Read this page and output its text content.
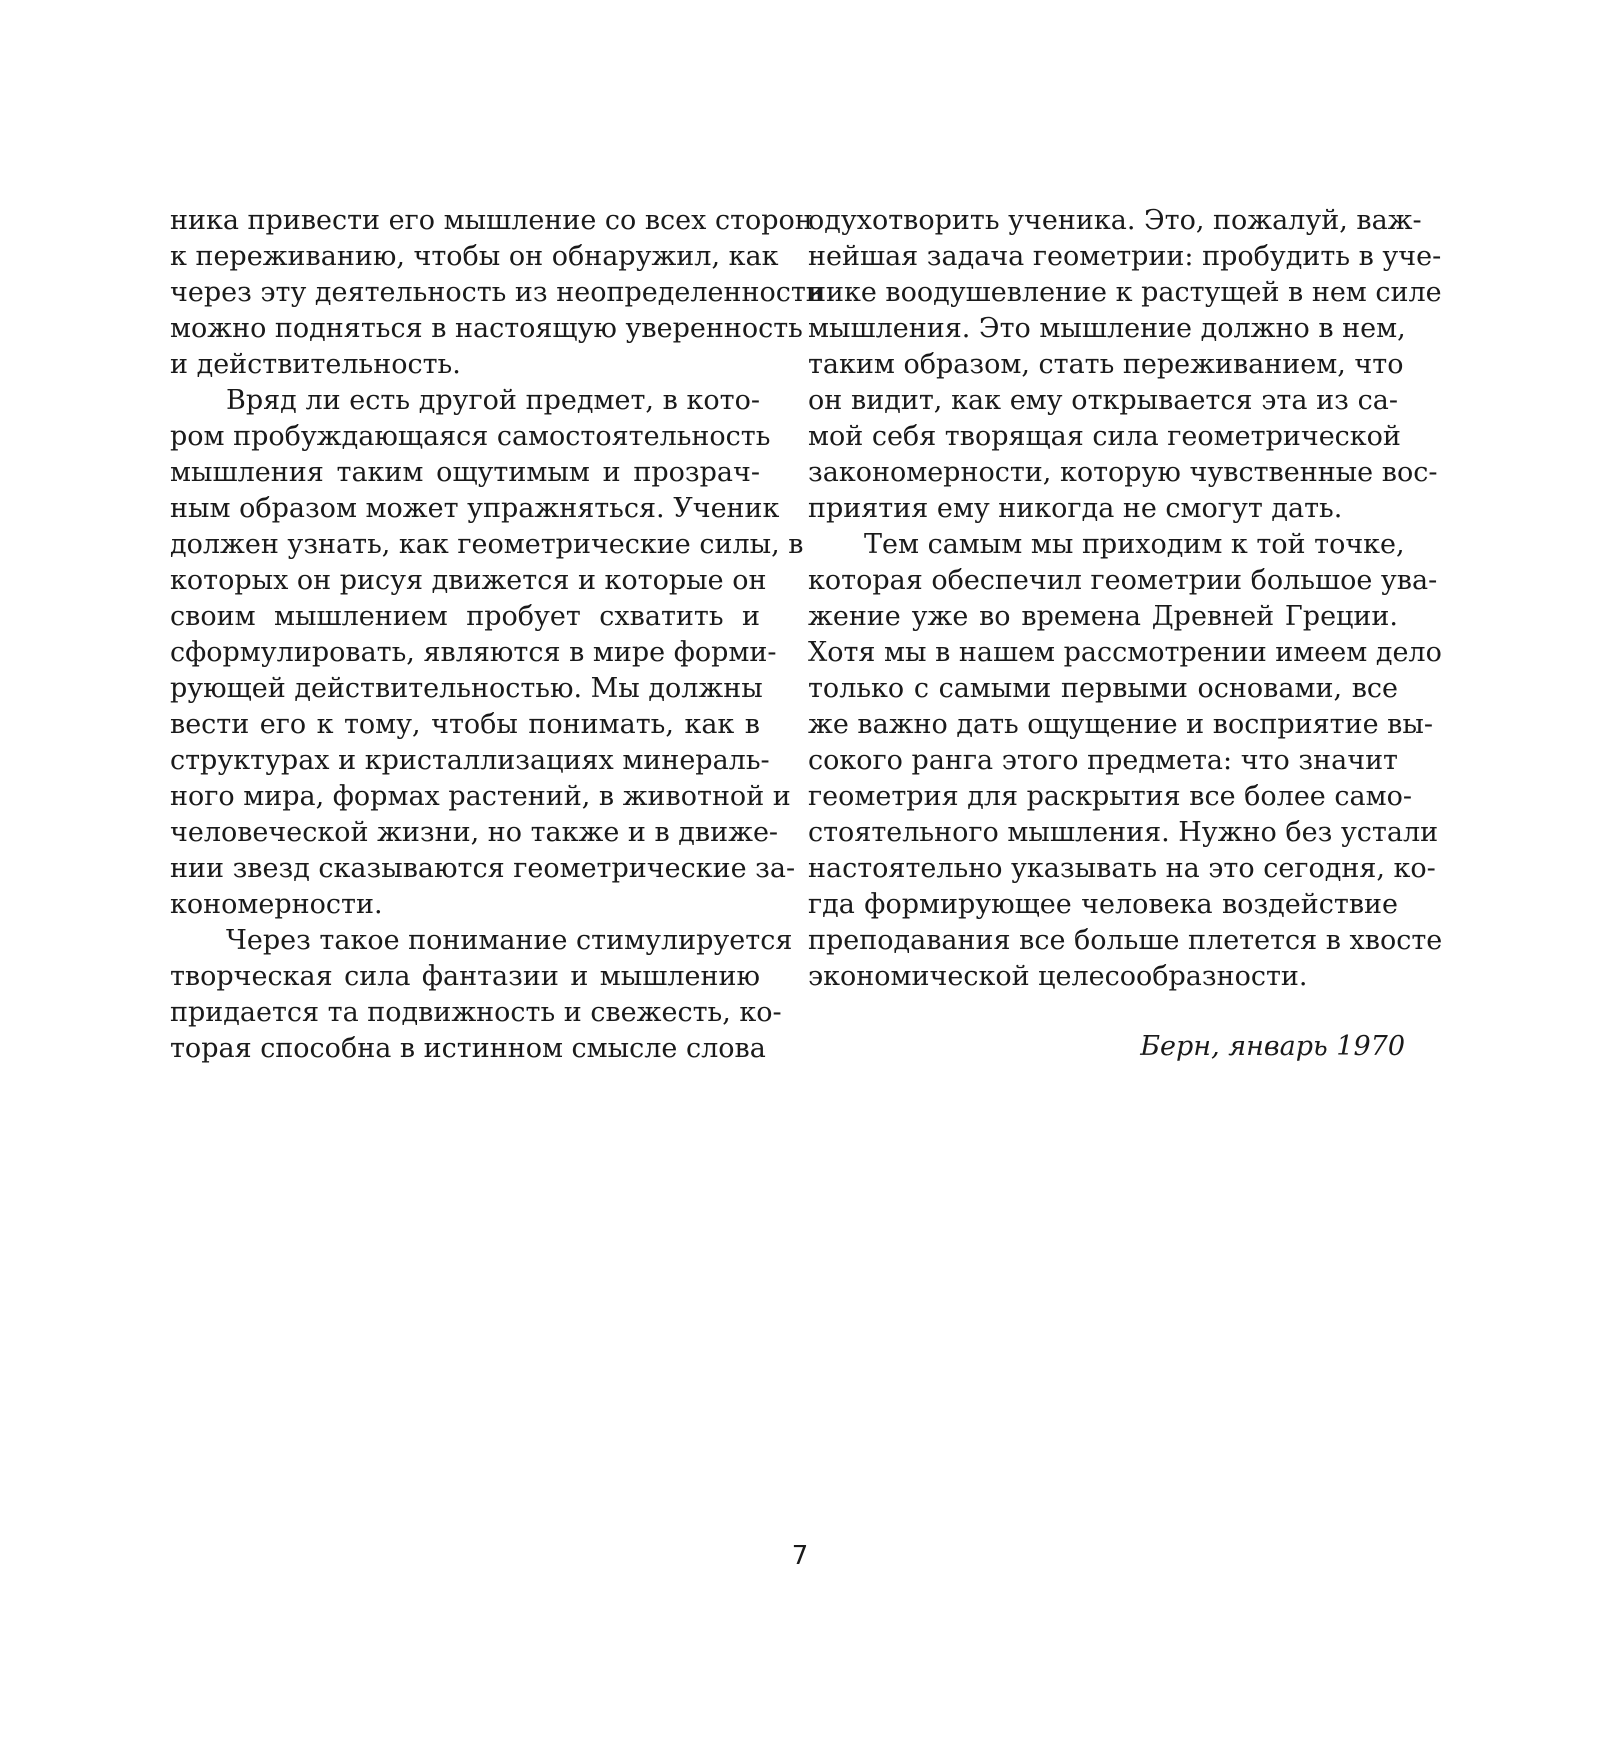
ника привести его мышление со всех сторон
к переживанию, чтобы он обнаружил, как
через эту деятельность из неопределенности
можно подняться в настоящую уверенность
и действительность.
Вряд ли есть другой предмет, в кото-
ром пробуждающаяся самостоятельность
мышления таким ощутимым и прозрач-
ным образом может упражняться. Ученик
должен узнать, как геометрические силы, в
которых он рисуя движется и которые он
своим мышлением пробует схватить и
сформулировать, являются в мире форми-
рующей действительностью. Мы должны
вести его к тому, чтобы понимать, как в
структурах и кристаллизациях минераль-
ного мира, формах растений, в животной и
человеческой жизни, но также и в движе-
нии звезд сказываются геометрические за-
кономерности.
Через такое понимание стимулируется
творческая сила фантазии и мышлению
придается та подвижность и свежесть, ко-
торая способна в истинном смысле слова
одухотворить ученика. Это, пожалуй, важ-
нейшая задача геометрии: пробудить в уче-
нике воодушевление к растущей в нем силе
мышления. Это мышление должно в нем,
таким образом, стать переживанием, что
он видит, как ему открывается эта из са-
мой себя творящая сила геометрической
закономерности, которую чувственные вос-
приятия ему никогда не смогут дать.
Тем самым мы приходим к той точке,
которая обеспечил геометрии большое ува-
жение уже во времена Древней Греции.
Хотя мы в нашем рассмотрении имеем дело
только с самыми первыми основами, все
же важно дать ощущение и восприятие вы-
сокого ранга этого предмета: что значит
геометрия для раскрытия все более само-
стоятельного мышления. Нужно без устали
настоятельно указывать на это сегодня, ко-
гда формирующее человека воздействие
преподавания все больше плетется в хвосте
экономической целесообразности.
Берн, январь 1970
7
